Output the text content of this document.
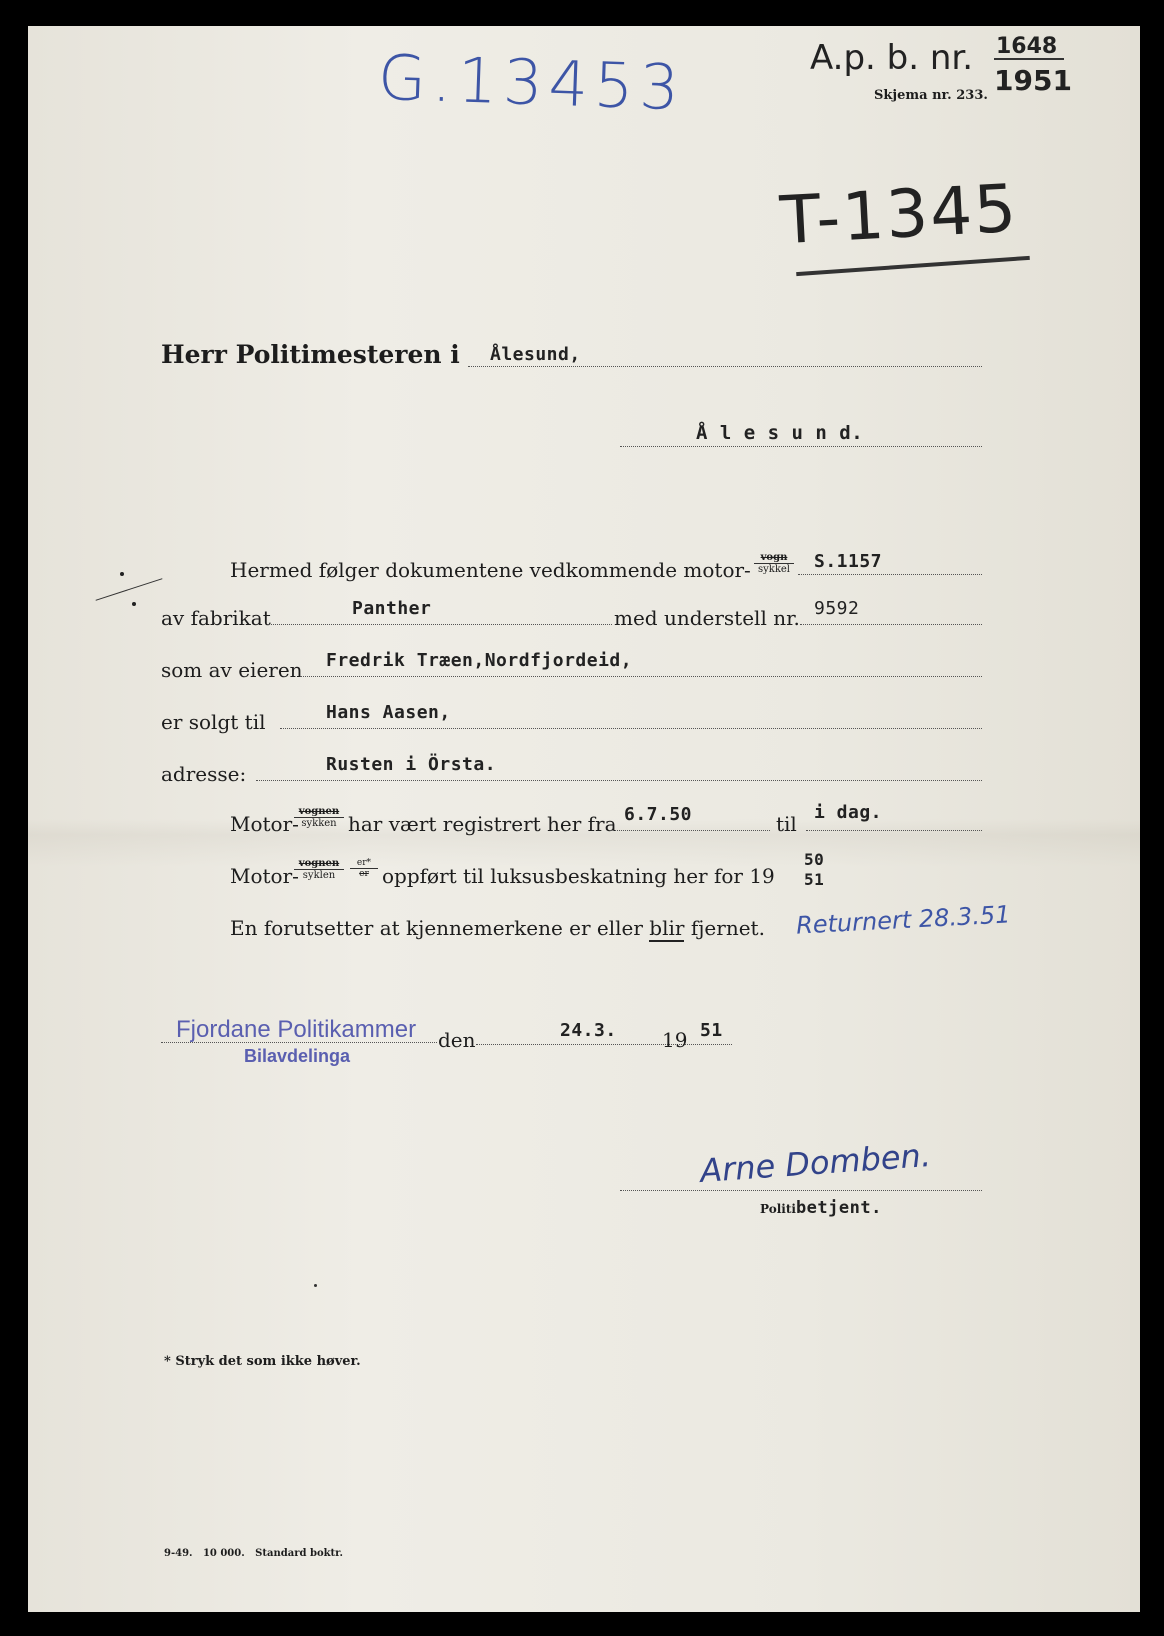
G.13453	A.p. b. nr. 1648
1951
Skjema nr. 233.
T-1345
Herr Politimesteren i Ålesund,
Å l e s u n d.
Hermed følger dokumentene vedkommende motor-
vogn
sykkel S.1157
av fabrikat	Panther	med understell nr. 9592
som av eieren Fredrik Træen,Nordfjordeid,
er solgt til	Hans Aasen,
adresse:	Rusten i Örsta.
Motor-
vognen
sykken har vært registrert her fra 6.7.50	til i dag.
Motor-
vognen
syklen
er*
er oppført til luksusbeskatning her for 19
50
51
En forutsetter at kjennemerkene er eller blir fjernet. Returnert 28.3.51
Fjordane Politikammer
Bilavdelinga
den	24.3. 19 51
Arne Domben.
Politibetjent.
* Stryk det som ikke høver.
9-49.   10 000.   Standard boktr.
